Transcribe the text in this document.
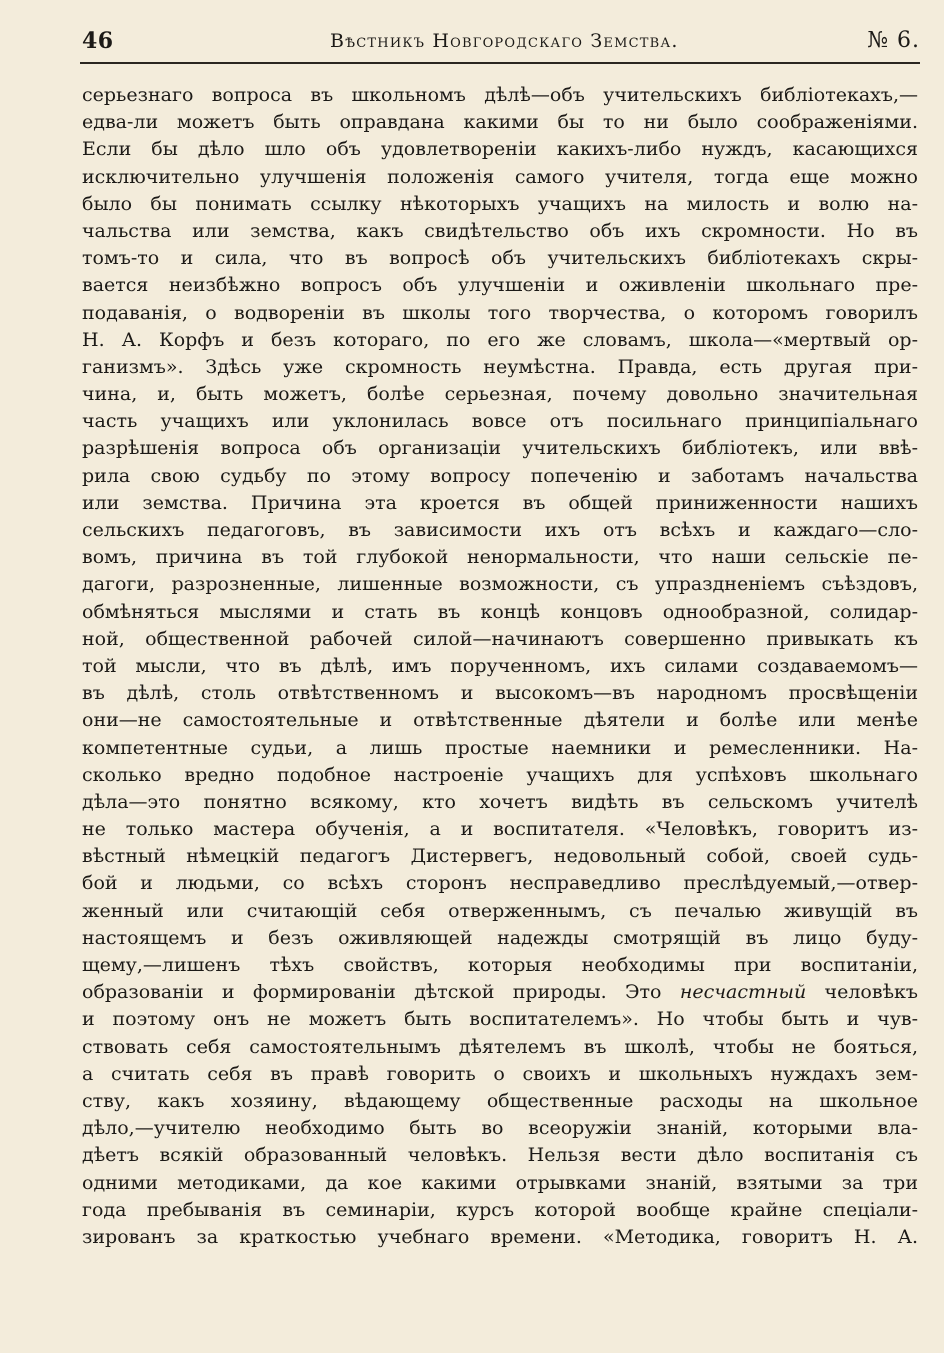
46	Вѣстникъ Новгородскаго Земства.	№ 6.
серьезнаго вопроса въ школьномъ дѣлѣ—объ учительскихъ библіотекахъ,—
едва-ли можетъ быть оправдана какими бы то ни было соображеніями.
Если бы дѣло шло объ удовлетвореніи какихъ-либо нуждъ, касающихся
исключительно улучшенія положенія самого учителя, тогда еще можно
было бы понимать ссылку нѣкоторыхъ учащихъ на милость и волю на-
чальства или земства, какъ свидѣтельство объ ихъ скромности. Но въ
томъ-то и сила, что въ вопросѣ объ учительскихъ библіотекахъ скры-
вается неизбѣжно вопросъ объ улучшеніи и оживленіи школьнаго пре-
подаванія, о водвореніи въ школы того творчества, о которомъ говорилъ
Н. А. Корфъ и безъ котораго, по его же словамъ, школа—«мертвый ор-
ганизмъ». Здѣсь уже скромность неумѣстна. Правда, есть другая при-
чина, и, быть можетъ, болѣе серьезная, почему довольно значительная
часть учащихъ или уклонилась вовсе отъ посильнаго принципіальнаго
разрѣшенія вопроса объ организаціи учительскихъ библіотекъ, или ввѣ-
рила свою судьбу по этому вопросу попеченію и заботамъ начальства
или земства. Причина эта кроется въ общей приниженности нашихъ
сельскихъ педагоговъ, въ зависимости ихъ отъ всѣхъ и каждаго—сло-
вомъ, причина въ той глубокой ненормальности, что наши сельскіе пе-
дагоги, разрозненные, лишенные возможности, съ упраздненіемъ съѣздовъ,
обмѣняться мыслями и стать въ концѣ концовъ однообразной, солидар-
ной, общественной рабочей силой—начинаютъ совершенно привыкать къ
той мысли, что въ дѣлѣ, имъ порученномъ, ихъ силами создаваемомъ—
въ дѣлѣ, столь отвѣтственномъ и высокомъ—въ народномъ просвѣщеніи
они—не самостоятельные и отвѣтственные дѣятели и болѣе или менѣе
компетентные судьи, а лишь простые наемники и ремесленники. На-
сколько вредно подобное настроеніе учащихъ для успѣховъ школьнаго
дѣла—это понятно всякому, кто хочетъ видѣть въ сельскомъ учителѣ
не только мастера обученія, а и воспитателя. «Человѣкъ, говоритъ из-
вѣстный нѣмецкій педагогъ Дистервегъ, недовольный собой, своей судь-
бой и людьми, со всѣхъ сторонъ несправедливо преслѣдуемый,—отвер-
женный или считающій себя отверженнымъ, съ печалью живущій въ
настоящемъ и безъ оживляющей надежды смотрящій въ лицо буду-
щему,—лишенъ тѣхъ свойствъ, которыя необходимы при воспитаніи,
образованіи и формированіи дѣтской природы. Это несчастный человѣкъ
и поэтому онъ не можетъ быть воспитателемъ». Но чтобы быть и чув-
ствовать себя самостоятельнымъ дѣятелемъ въ школѣ, чтобы не бояться,
а считать себя въ правѣ говорить о своихъ и школьныхъ нуждахъ зем-
ству, какъ хозяину, вѣдающему общественные расходы на школьное
дѣло,—учителю необходимо быть во всеоружіи знаній, которыми вла-
дѣетъ всякій образованный человѣкъ. Нельзя вести дѣло воспитанія съ
одними методиками, да кое какими отрывками знаній, взятыми за три
года пребыванія въ семинаріи, курсъ которой вообще крайне спеціали-
зированъ за краткостью учебнаго времени. «Методика, говоритъ Н. А.
